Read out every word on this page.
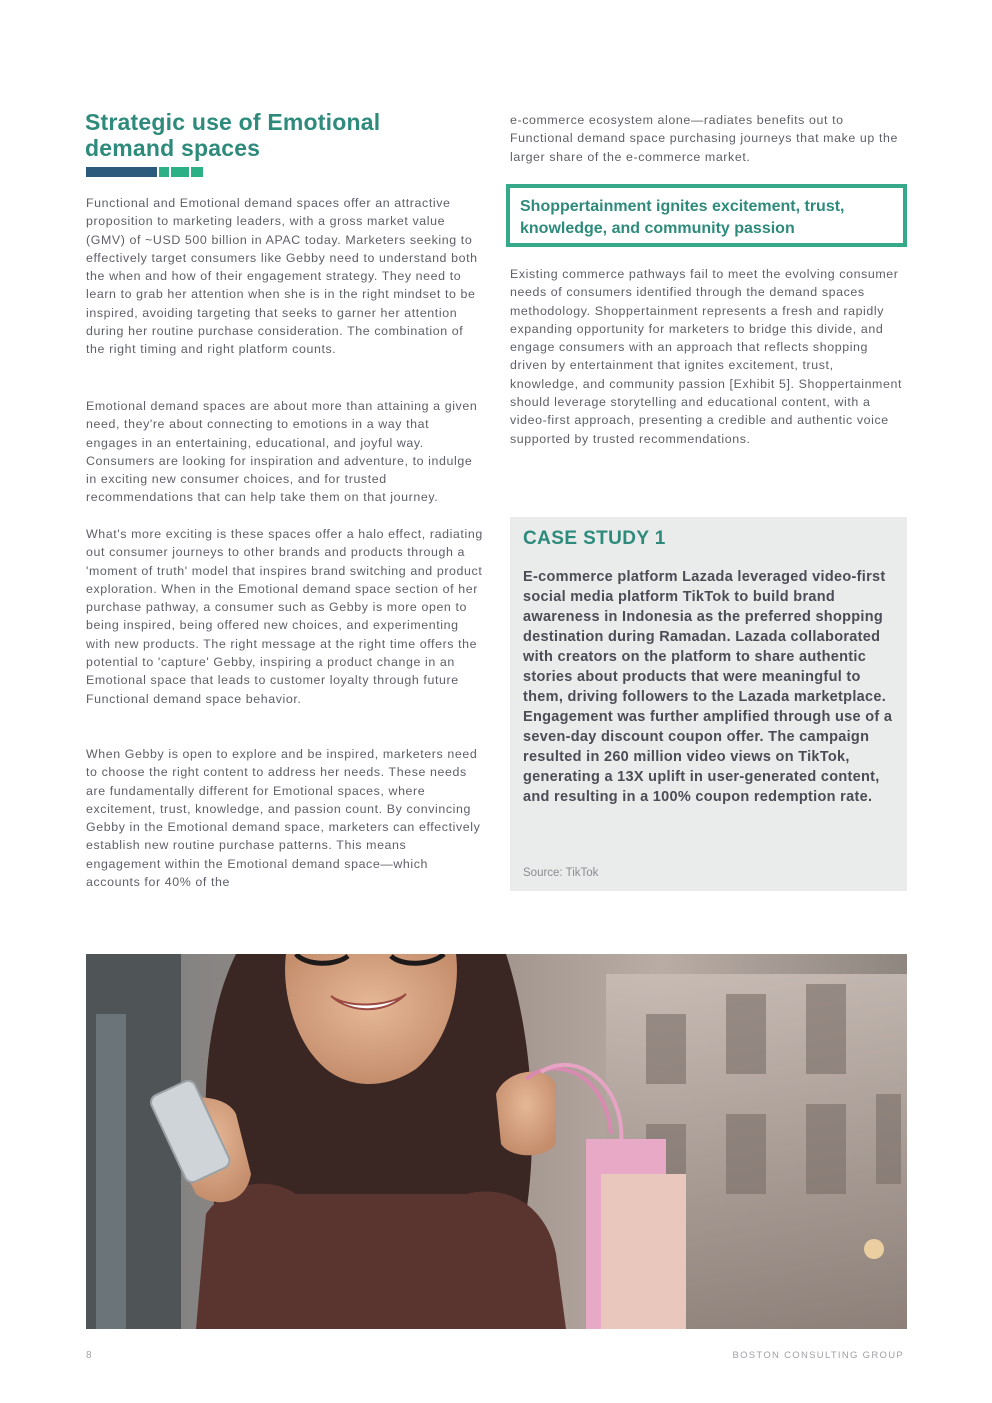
Strategic use of Emotional
demand spaces

Functional and Emotional demand spaces offer an attractive proposition to marketing leaders, with a gross market value (GMV) of ~USD 500 billion in APAC today. Marketers seeking to effectively target consumers like Gebby need to understand both the when and how of their engagement strategy. They need to learn to grab her attention when she is in the right mindset to be inspired, avoiding targeting that seeks to garner her attention during her routine purchase consideration. The combination of the right timing and right platform counts.

Emotional demand spaces are about more than attaining a given need, they're about connecting to emotions in a way that engages in an entertaining, educational, and joyful way. Consumers are looking for inspiration and adventure, to indulge in exciting new consumer choices, and for trusted recommendations that can help take them on that journey.

What's more exciting is these spaces offer a halo effect, radiating out consumer journeys to other brands and products through a 'moment of truth' model that inspires brand switching and product exploration. When in the Emotional demand space section of her purchase pathway, a consumer such as Gebby is more open to being inspired, being offered new choices, and experimenting with new products. The right message at the right time offers the potential to 'capture' Gebby, inspiring a product change in an Emotional space that leads to customer loyalty through future Functional demand space behavior.

When Gebby is open to explore and be inspired, marketers need to choose the right content to address her needs. These needs are fundamentally different for Emotional spaces, where excitement, trust, knowledge, and passion count. By convincing Gebby in the Emotional demand space, marketers can effectively establish new routine purchase patterns. This means engagement within the Emotional demand space—which accounts for 40% of the

e-commerce ecosystem alone—radiates benefits out to Functional demand space purchasing journeys that make up the larger share of the e-commerce market.

Shoppertainment ignites excitement, trust,
knowledge, and community passion

Existing commerce pathways fail to meet the evolving consumer needs of consumers identified through the demand spaces methodology. Shoppertainment represents a fresh and rapidly expanding opportunity for marketers to bridge this divide, and engage consumers with an approach that reflects shopping driven by entertainment that ignites excitement, trust, knowledge, and community passion [Exhibit 5]. Shoppertainment should leverage storytelling and educational content, with a video-first approach, presenting a credible and authentic voice supported by trusted recommendations.

CASE STUDY 1

E-commerce platform Lazada leveraged video-first social media platform TikTok to build brand awareness in Indonesia as the preferred shopping destination during Ramadan. Lazada collaborated with creators on the platform to share authentic stories about products that were meaningful to them, driving followers to the Lazada marketplace. Engagement was further amplified through use of a seven-day discount coupon offer. The campaign resulted in 260 million video views on TikTok, generating a 13X uplift in user-generated content, and resulting in a 100% coupon redemption rate.

Source: TikTok

8	BOSTON CONSULTING GROUP
